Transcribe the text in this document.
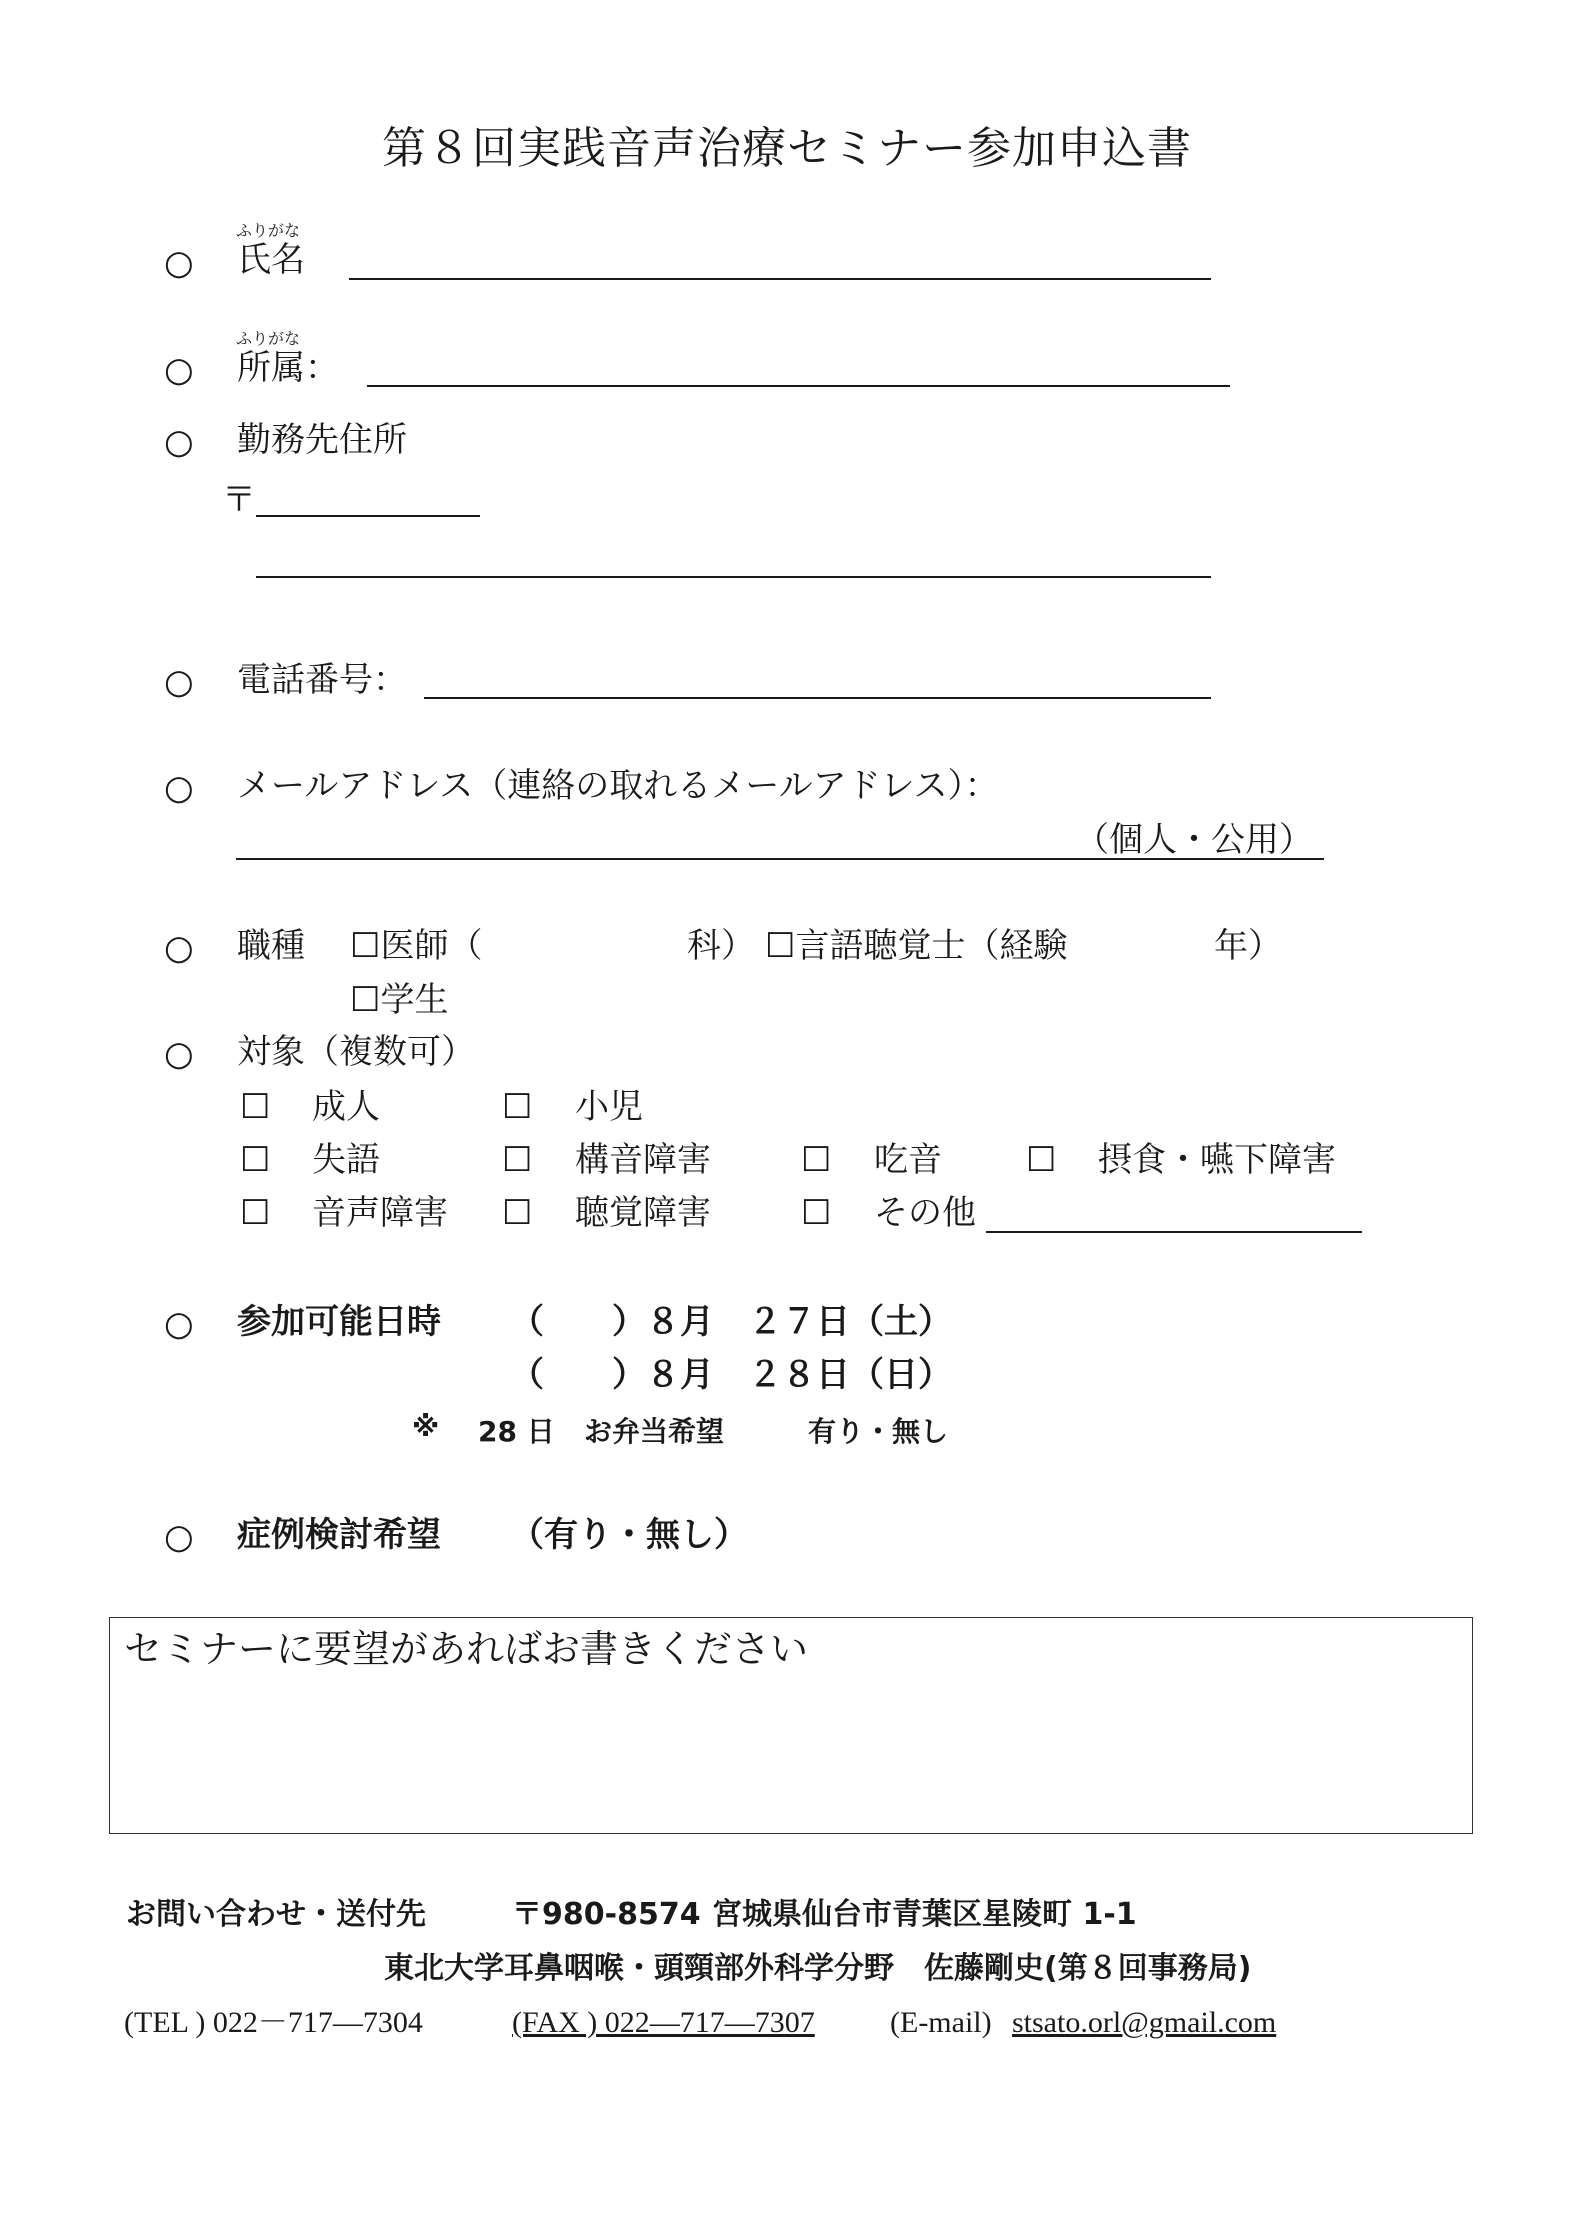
第８回実践音声治療セミナー参加申込書
○
ふりがな
氏名
○
ふりがな
所属：
○ 勤務先住所
〒
○ 電話番号：
○ メールアドレス（連絡の取れるメールアドレス）：
（個人・公用）
○ 職種 ☐医師（	科） ☐言語聴覚士（経験	年）
☐学生
○ 対象（複数可）
☐ 成人	☐ 小児
☐ 失語	☐ 構音障害	☐ 吃音 ☐ 摂食・嚥下障害
☐ 音声障害 ☐ 聴覚障害	☐ その他
○ 参加可能日時 （　　）８月　２７日（土）
（　　）８月　２８日（日）
※ 28 日 お弁当希望	有り・無し
○ 症例検討希望 （有り・無し）
セミナーに要望があればお書きください
お問い合わせ・送付先	〒980-8574 宮城県仙台市青葉区星陵町 1-1
東北大学耳鼻咽喉・頭頸部外科学分野　佐藤剛史(第８回事務局)
(TEL ) 022－717―7304	(FAX ) 022―717―7307	(E-mail) stsato.orl@gmail.com
